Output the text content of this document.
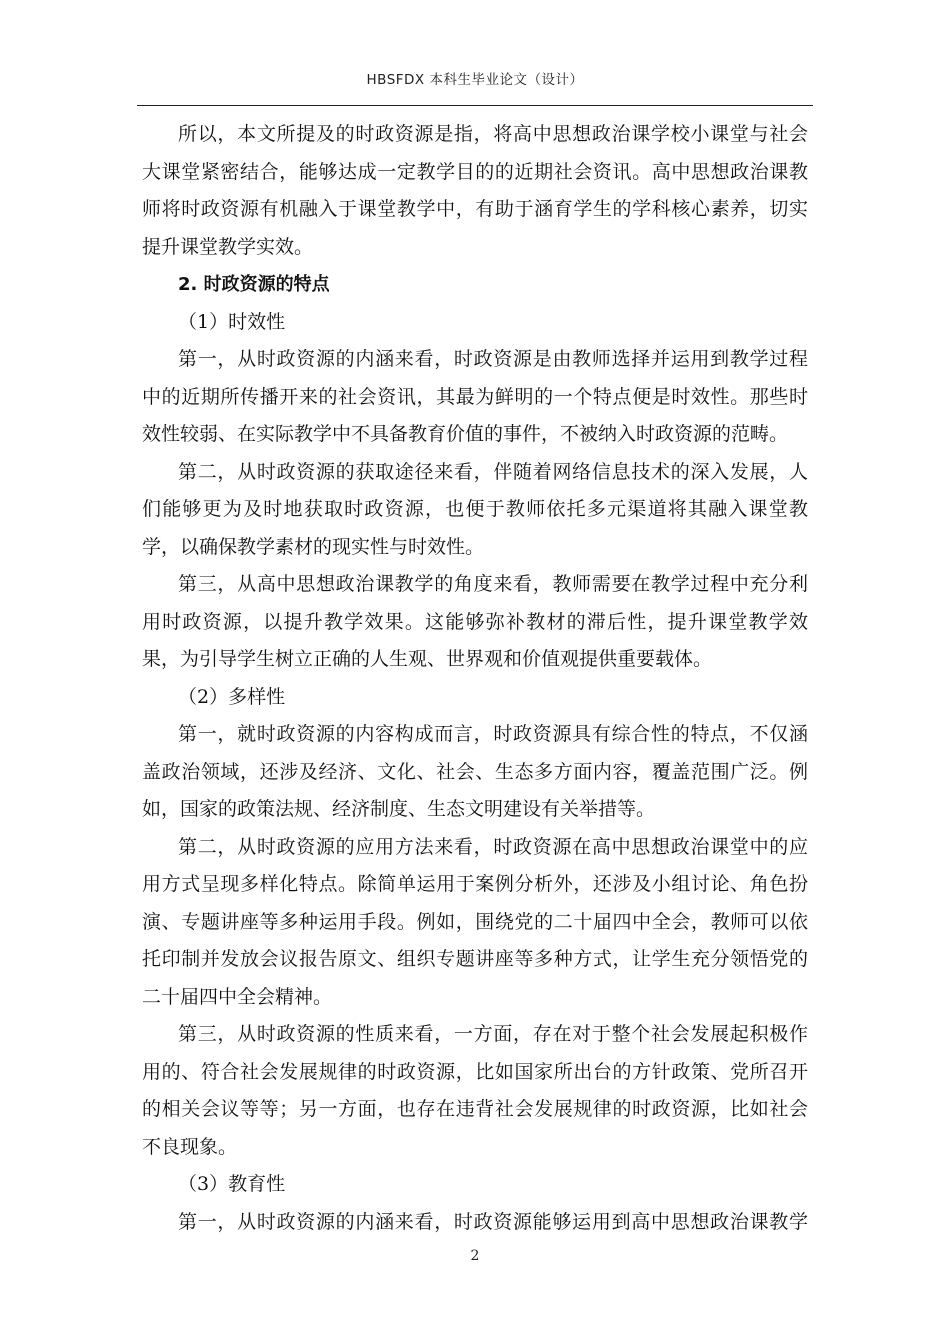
HBSFDX 本科生毕业论文（设计）
所以，本文所提及的时政资源是指，将高中思想政治课学校小课堂与社会
大课堂紧密结合，能够达成一定教学目的的近期社会资讯。高中思想政治课教
师将时政资源有机融入于课堂教学中，有助于涵育学生的学科核心素养，切实
提升课堂教学实效。
2. 时政资源的特点
（1）时效性
第一，从时政资源的内涵来看，时政资源是由教师选择并运用到教学过程
中的近期所传播开来的社会资讯，其最为鲜明的一个特点便是时效性。那些时
效性较弱、在实际教学中不具备教育价值的事件，不被纳入时政资源的范畴。
第二，从时政资源的获取途径来看，伴随着网络信息技术的深入发展，人
们能够更为及时地获取时政资源，也便于教师依托多元渠道将其融入课堂教
学，以确保教学素材的现实性与时效性。
第三，从高中思想政治课教学的角度来看，教师需要在教学过程中充分利
用时政资源，以提升教学效果。这能够弥补教材的滞后性，提升课堂教学效
果，为引导学生树立正确的人生观、世界观和价值观提供重要载体。
（2）多样性
第一，就时政资源的内容构成而言，时政资源具有综合性的特点，不仅涵
盖政治领域，还涉及经济、文化、社会、生态多方面内容，覆盖范围广泛。例
如，国家的政策法规、经济制度、生态文明建设有关举措等。
第二，从时政资源的应用方法来看，时政资源在高中思想政治课堂中的应
用方式呈现多样化特点。除简单运用于案例分析外，还涉及小组讨论、角色扮
演、专题讲座等多种运用手段。例如，围绕党的二十届四中全会，教师可以依
托印制并发放会议报告原文、组织专题讲座等多种方式，让学生充分领悟党的
二十届四中全会精神。
第三，从时政资源的性质来看，一方面，存在对于整个社会发展起积极作
用的、符合社会发展规律的时政资源，比如国家所出台的方针政策、党所召开
的相关会议等等；另一方面，也存在违背社会发展规律的时政资源，比如社会
不良现象。
（3）教育性
第一，从时政资源的内涵来看，时政资源能够运用到高中思想政治课教学
2
